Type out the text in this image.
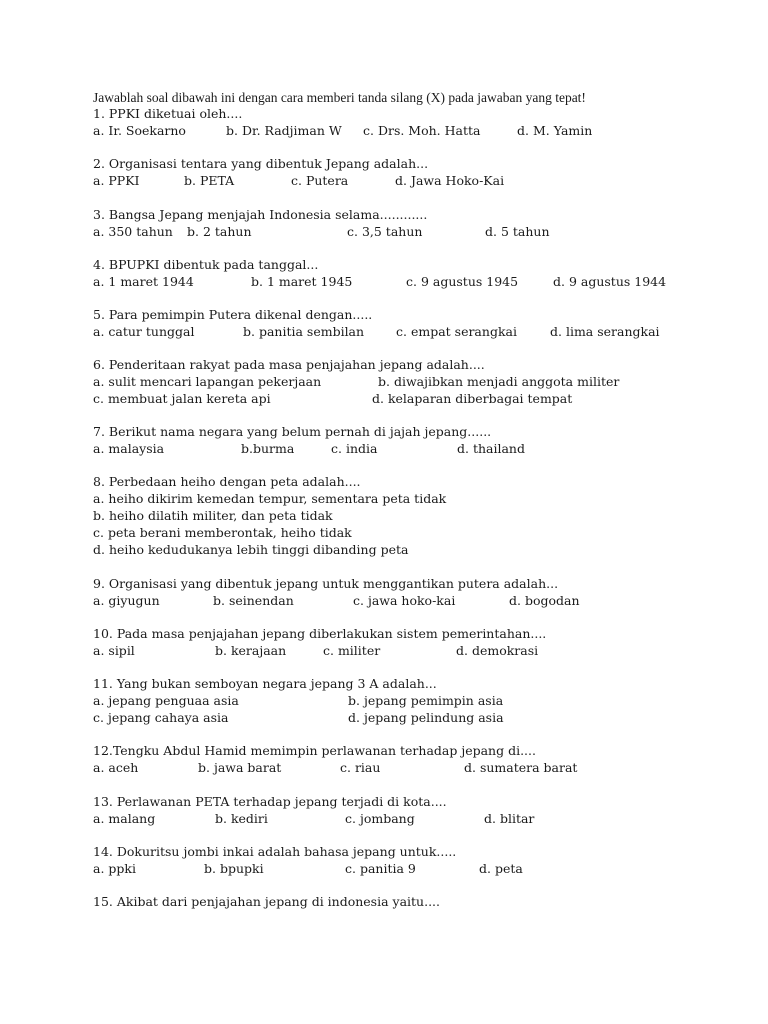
Jawablah soal dibawah ini dengan cara memberi tanda silang (X) pada jawaban yang tepat!
1. PPKI diketuai oleh....
a. Ir. Soekarno	b. Dr. Radjiman W c. Drs. Moh. Hatta	d. M. Yamin
2. Organisasi tentara yang dibentuk Jepang adalah...
a. PPKI	b. PETA	c. Putera	d. Jawa Hoko-Kai
3. Bangsa Jepang menjajah Indonesia selama............
a. 350 tahun b. 2 tahun	c. 3,5 tahun	d. 5 tahun
4. BPUPKI dibentuk pada tanggal...
a. 1 maret 1944	b. 1 maret 1945	c. 9 agustus 1945	d. 9 agustus 1944
5. Para pemimpin Putera dikenal dengan.....
a. catur tunggal	b. panitia sembilan	c. empat serangkai	d. lima serangkai
6. Penderitaan rakyat pada masa penjajahan jepang adalah....
a. sulit mencari lapangan pekerjaan	b. diwajibkan menjadi anggota militer
c. membuat jalan kereta api	d. kelaparan diberbagai tempat
7. Berikut nama negara yang belum pernah di jajah jepang......
a. malaysia	b.burma	c. india	d. thailand
8. Perbedaan heiho dengan peta adalah....
a. heiho dikirim kemedan tempur, sementara peta tidak
b. heiho dilatih militer, dan peta tidak
c. peta berani memberontak, heiho tidak
d. heiho kedudukanya lebih tinggi dibanding peta
9. Organisasi yang dibentuk jepang untuk menggantikan putera adalah...
a. giyugun	b. seinendan	c. jawa hoko-kai	d. bogodan
10. Pada masa penjajahan jepang diberlakukan sistem pemerintahan....
a. sipil	b. kerajaan	c. militer	d. demokrasi
11. Yang bukan semboyan negara jepang 3 A adalah...
a. jepang penguaa asia	b. jepang pemimpin asia
c. jepang cahaya asia	d. jepang pelindung asia
12.Tengku Abdul Hamid memimpin perlawanan terhadap jepang di....
a. aceh	b. jawa barat	c. riau	d. sumatera barat
13. Perlawanan PETA terhadap jepang terjadi di kota....
a. malang	b. kediri	c. jombang	d. blitar
14. Dokuritsu jombi inkai adalah bahasa jepang untuk.....
a. ppki	b. bpupki	c. panitia 9	d. peta
15. Akibat dari penjajahan jepang di indonesia yaitu....
